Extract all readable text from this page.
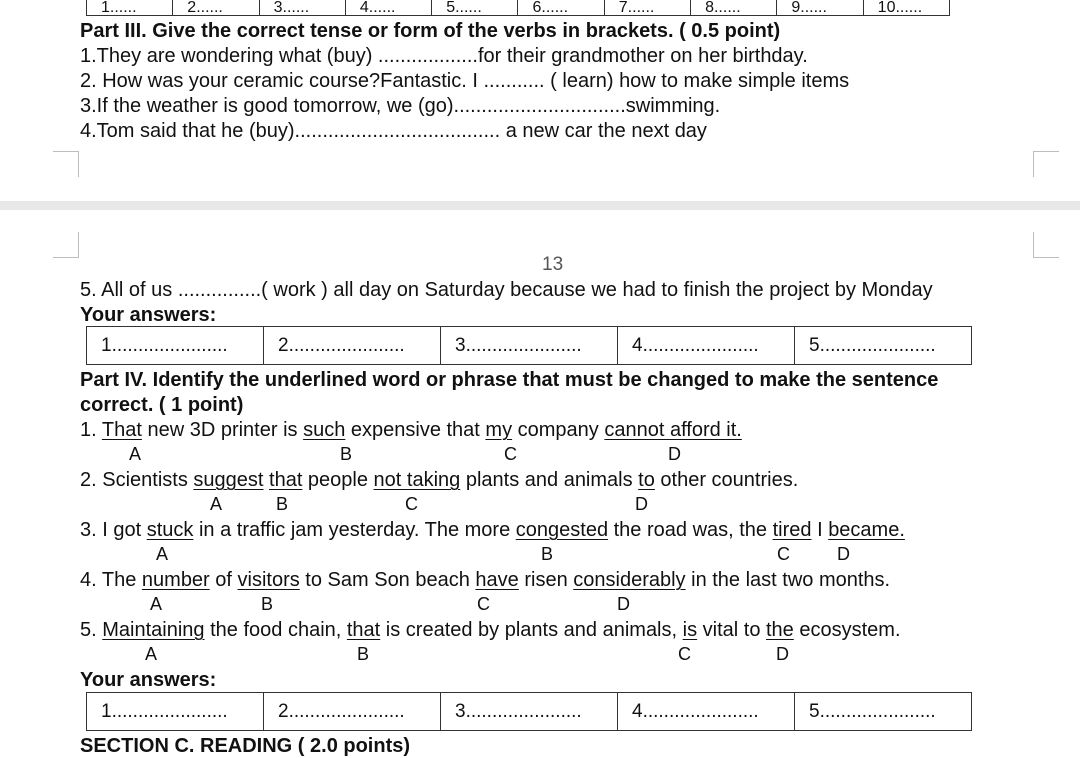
1......	2......	3......	4......	5......	6......	7......	8......	9......	10......
Part III. Give the correct tense or form of the verbs in brackets. ( 0.5 point)
1.They are wondering what (buy) ..................for their grandmother on her birthday.
2. How was your ceramic course?Fantastic. I ........... ( learn) how to make simple items
3.If the weather is good tomorrow, we (go)...............................swimming.
4.Tom said that he (buy)..................................... a new car the next day
13
5. All of us ...............( work ) all day on Saturday because we had to finish the project by Monday
Your answers:
1......................	2......................	3......................	4......................	5......................
Part IV. Identify the underlined word or phrase that must be changed to make the sentence
correct. ( 1 point)
1. That new 3D printer is such expensive that my company cannot afford it.
A	B	C	D
2. Scientists suggest that people not taking plants and animals to other countries.
A	B	C	D
3. I got stuck in a traffic jam yesterday. The more congested the road was, the tired I became.
A	B	C	D
4. The number of visitors to Sam Son beach have risen considerably in the last two months.
A	B	C	D
5. Maintaining the food chain, that is created by plants and animals, is vital to the ecosystem.
A	B	C	D
Your answers:
1......................	2......................	3......................	4......................	5......................
SECTION C. READING ( 2.0 points)
